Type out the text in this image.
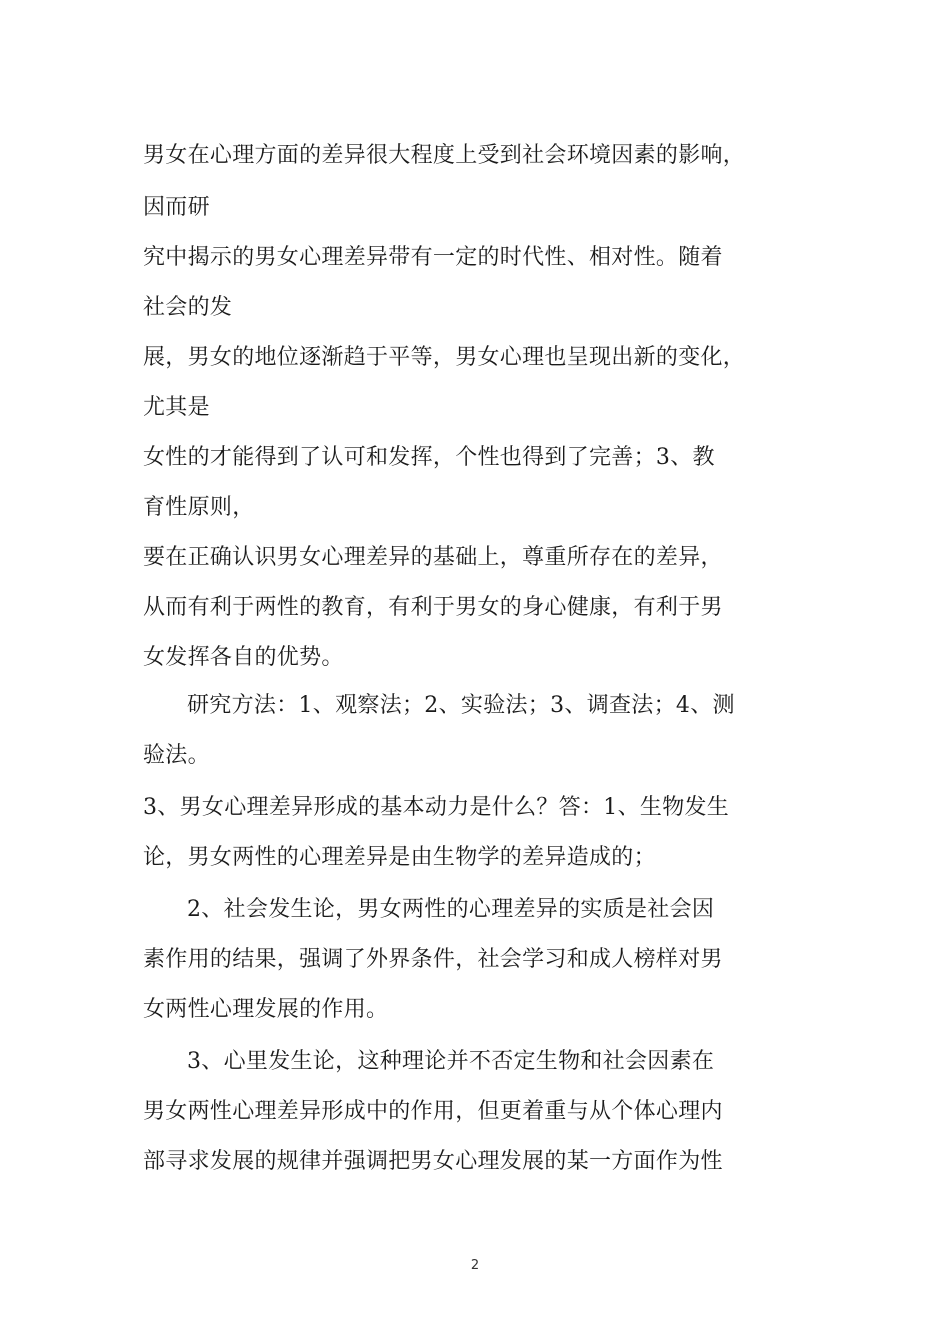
男女在心理方面的差异很大程度上受到社会环境因素的影响，
因而研
究中揭示的男女心理差异带有一定的时代性、相对性。随着
社会的发
展，男女的地位逐渐趋于平等，男女心理也呈现出新的变化，
尤其是
女性的才能得到了认可和发挥，个性也得到了完善；3、教
育性原则，
要在正确认识男女心理差异的基础上，尊重所存在的差异，
从而有利于两性的教育，有利于男女的身心健康，有利于男
女发挥各自的优势。
研究方法：1、观察法；2、实验法；3、调查法；4、测
验法。
3、男女心理差异形成的基本动力是什么？答：1、生物发生
论，男女两性的心理差异是由生物学的差异造成的；
2、社会发生论，男女两性的心理差异的实质是社会因
素作用的结果，强调了外界条件，社会学习和成人榜样对男
女两性心理发展的作用。
3、心里发生论，这种理论并不否定生物和社会因素在
男女两性心理差异形成中的作用，但更着重与从个体心理内
部寻求发展的规律并强调把男女心理发展的某一方面作为性
2
